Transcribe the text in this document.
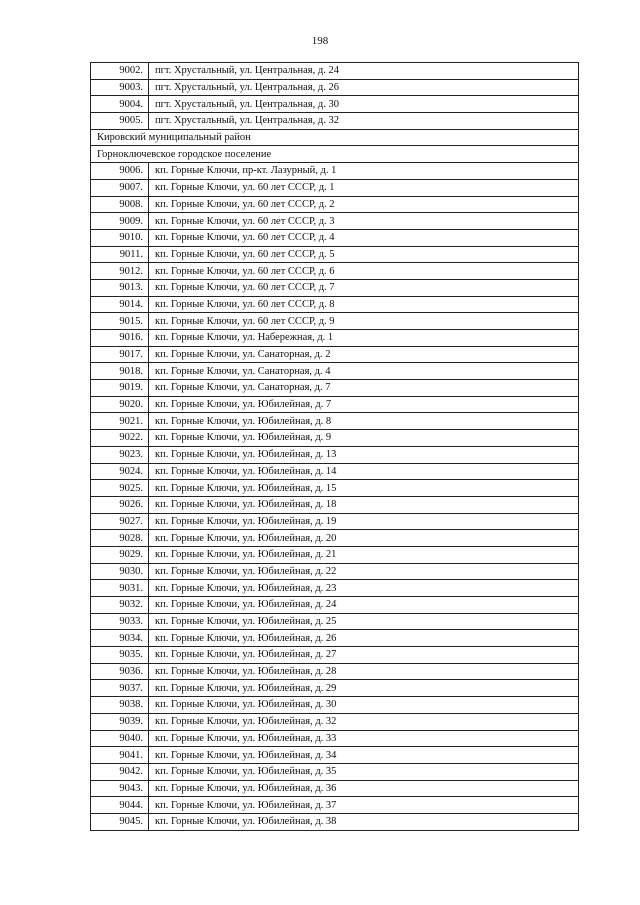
198
9002.	пгт. Хрустальный, ул. Центральная, д. 24
9003.	пгт. Хрустальный, ул. Центральная, д. 26
9004.	пгт. Хрустальный, ул. Центральная, д. 30
9005.	пгт. Хрустальный, ул. Центральная, д. 32
Кировский муниципальный район	
Горноключевское городское поселение	
9006.	кп. Горные Ключи, пр-кт. Лазурный, д. 1
9007.	кп. Горные Ключи, ул. 60 лет СССР, д. 1
9008.	кп. Горные Ключи, ул. 60 лет СССР, д. 2
9009.	кп. Горные Ключи, ул. 60 лет СССР, д. 3
9010.	кп. Горные Ключи, ул. 60 лет СССР, д. 4
9011.	кп. Горные Ключи, ул. 60 лет СССР, д. 5
9012.	кп. Горные Ключи, ул. 60 лет СССР, д. 6
9013.	кп. Горные Ключи, ул. 60 лет СССР, д. 7
9014.	кп. Горные Ключи, ул. 60 лет СССР, д. 8
9015.	кп. Горные Ключи, ул. 60 лет СССР, д. 9
9016.	кп. Горные Ключи, ул. Набережная, д. 1
9017.	кп. Горные Ключи, ул. Санаторная, д. 2
9018.	кп. Горные Ключи, ул. Санаторная, д. 4
9019.	кп. Горные Ключи, ул. Санаторная, д. 7
9020.	кп. Горные Ключи, ул. Юбилейная, д. 7
9021.	кп. Горные Ключи, ул. Юбилейная, д. 8
9022.	кп. Горные Ключи, ул. Юбилейная, д. 9
9023.	кп. Горные Ключи, ул. Юбилейная, д. 13
9024.	кп. Горные Ключи, ул. Юбилейная, д. 14
9025.	кп. Горные Ключи, ул. Юбилейная, д. 15
9026.	кп. Горные Ключи, ул. Юбилейная, д. 18
9027.	кп. Горные Ключи, ул. Юбилейная, д. 19
9028.	кп. Горные Ключи, ул. Юбилейная, д. 20
9029.	кп. Горные Ключи, ул. Юбилейная, д. 21
9030.	кп. Горные Ключи, ул. Юбилейная, д. 22
9031.	кп. Горные Ключи, ул. Юбилейная, д. 23
9032.	кп. Горные Ключи, ул. Юбилейная, д. 24
9033.	кп. Горные Ключи, ул. Юбилейная, д. 25
9034.	кп. Горные Ключи, ул. Юбилейная, д. 26
9035.	кп. Горные Ключи, ул. Юбилейная, д. 27
9036.	кп. Горные Ключи, ул. Юбилейная, д. 28
9037.	кп. Горные Ключи, ул. Юбилейная, д. 29
9038.	кп. Горные Ключи, ул. Юбилейная, д. 30
9039.	кп. Горные Ключи, ул. Юбилейная, д. 32
9040.	кп. Горные Ключи, ул. Юбилейная, д. 33
9041.	кп. Горные Ключи, ул. Юбилейная, д. 34
9042.	кп. Горные Ключи, ул. Юбилейная, д. 35
9043.	кп. Горные Ключи, ул. Юбилейная, д. 36
9044.	кп. Горные Ключи, ул. Юбилейная, д. 37
9045.	кп. Горные Ключи, ул. Юбилейная, д. 38
